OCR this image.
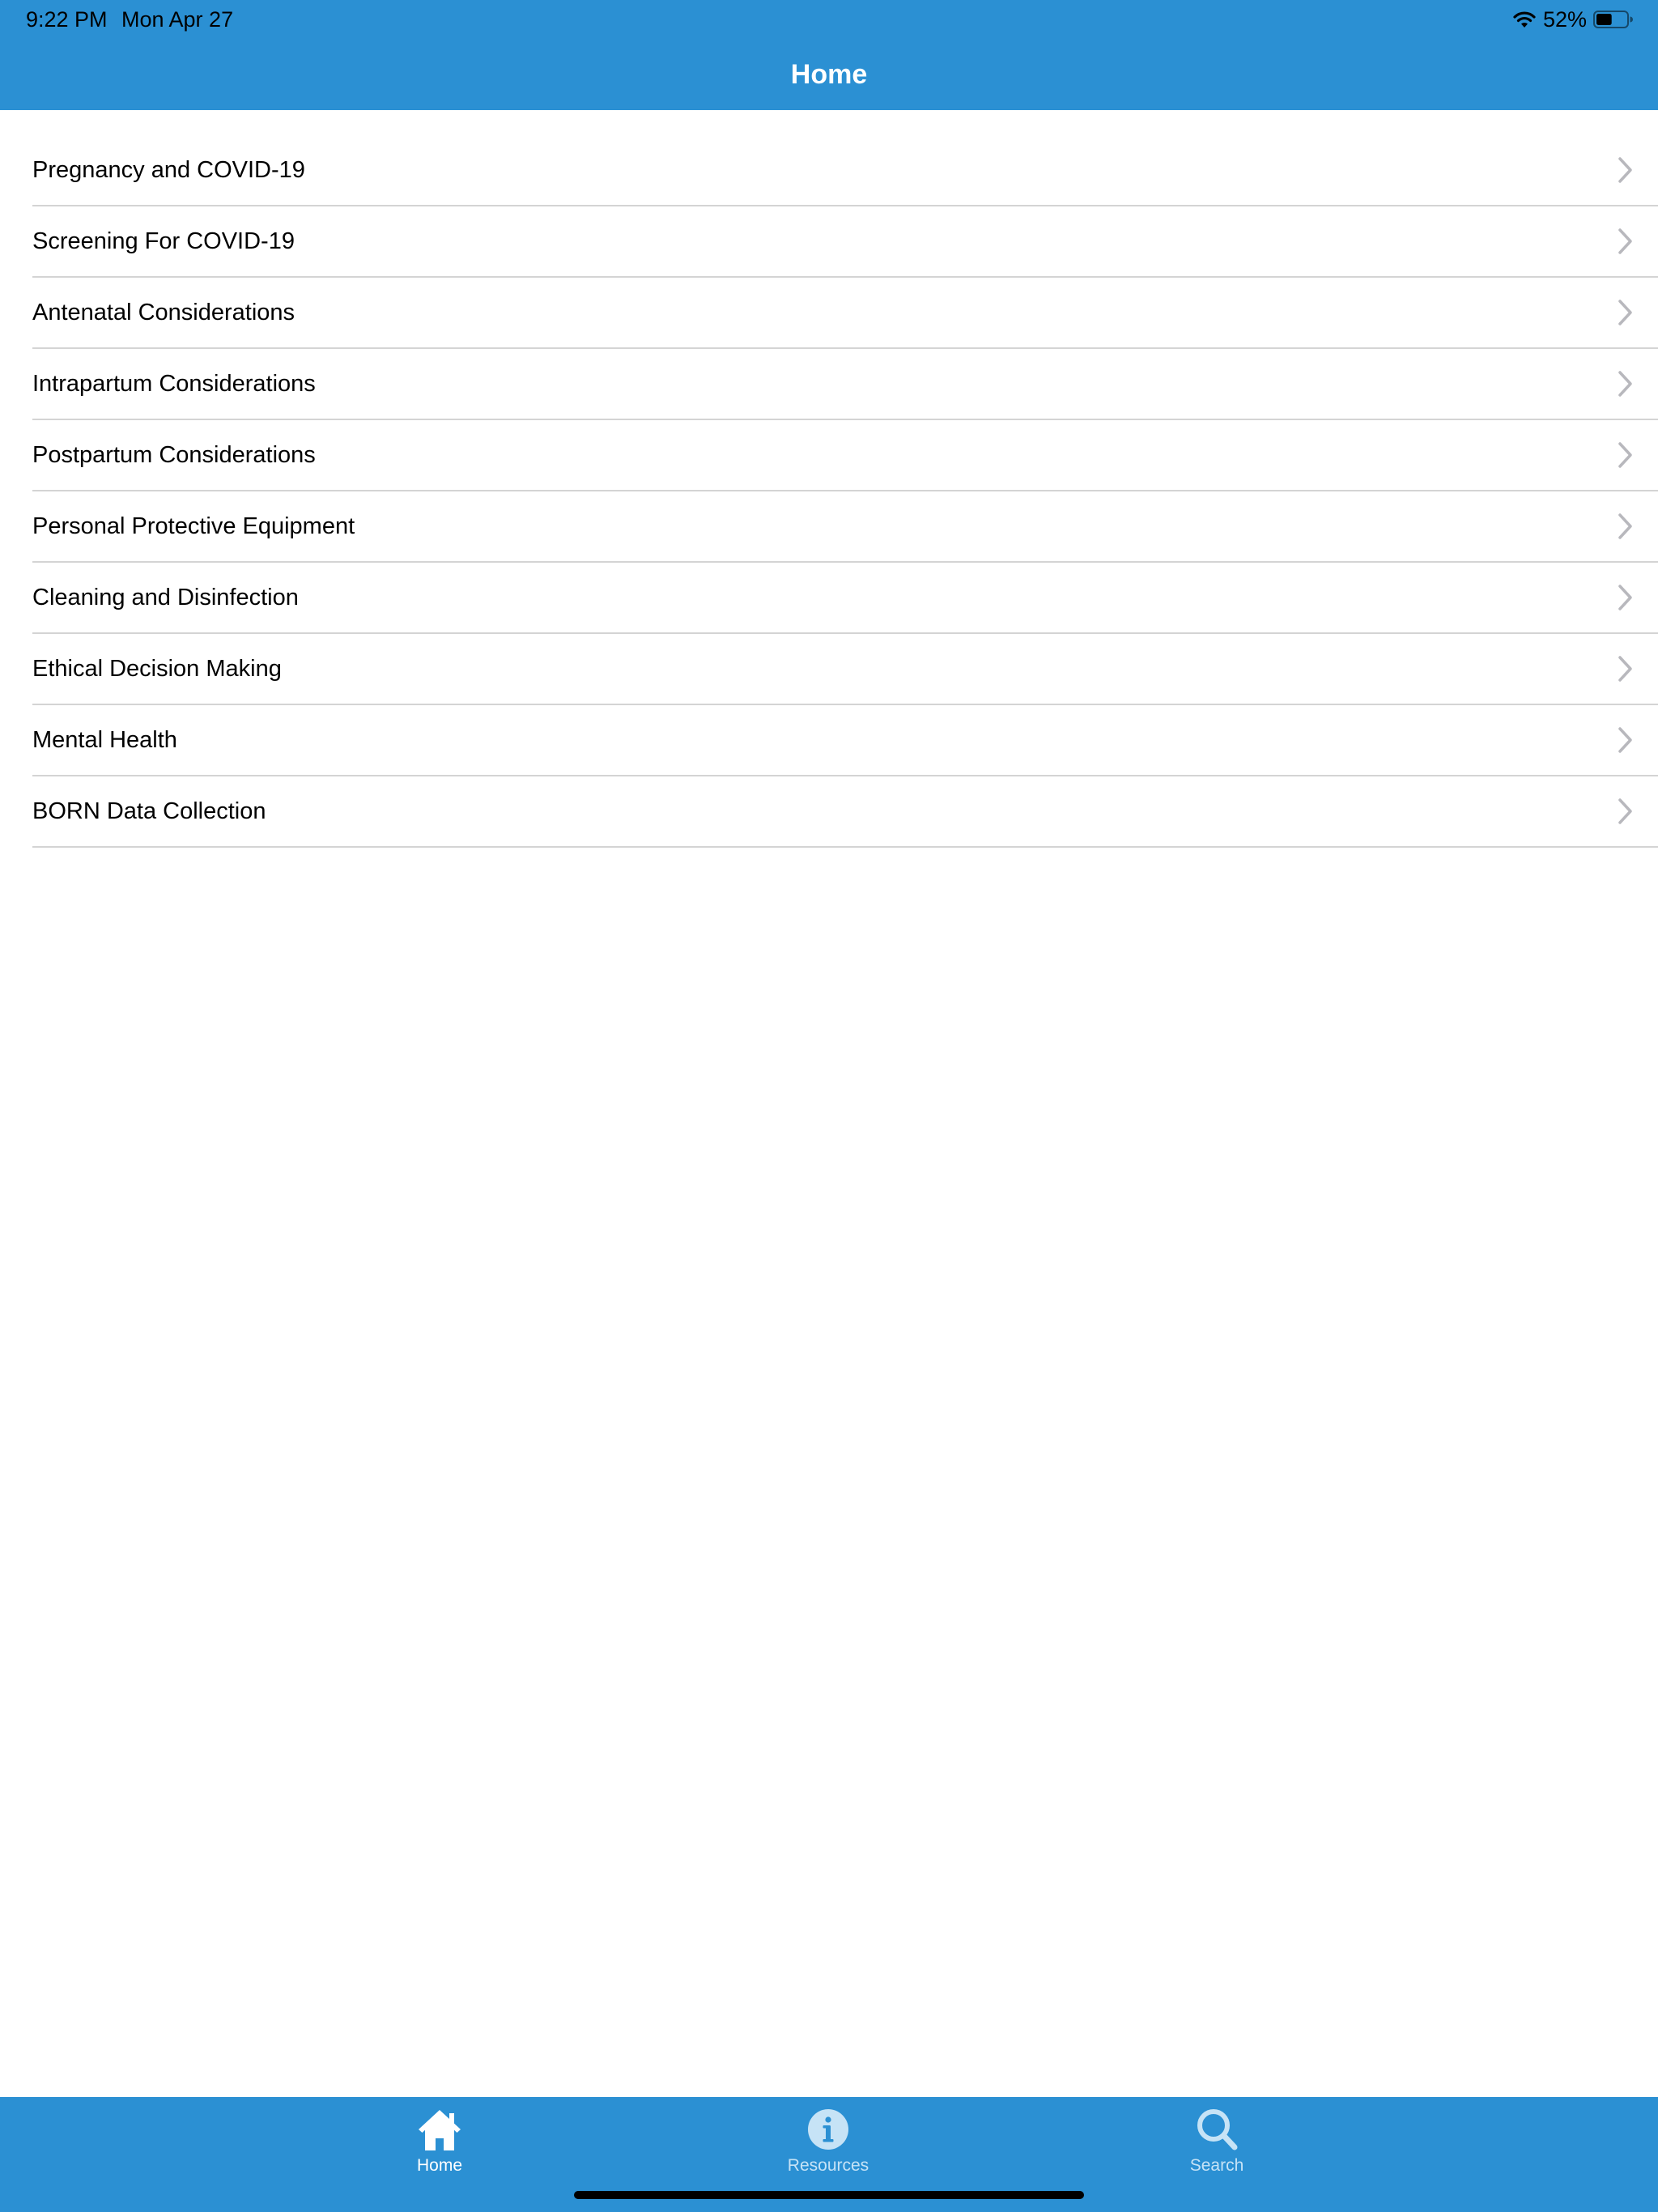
9:22 PM Mon Apr 27	52%
Home
Pregnancy and COVID-19
Screening For COVID-19
Antenatal Considerations
Intrapartum Considerations
Postpartum Considerations
Personal Protective Equipment
Cleaning and Disinfection
Ethical Decision Making
Mental Health
BORN Data Collection
Home	Resources	Search
